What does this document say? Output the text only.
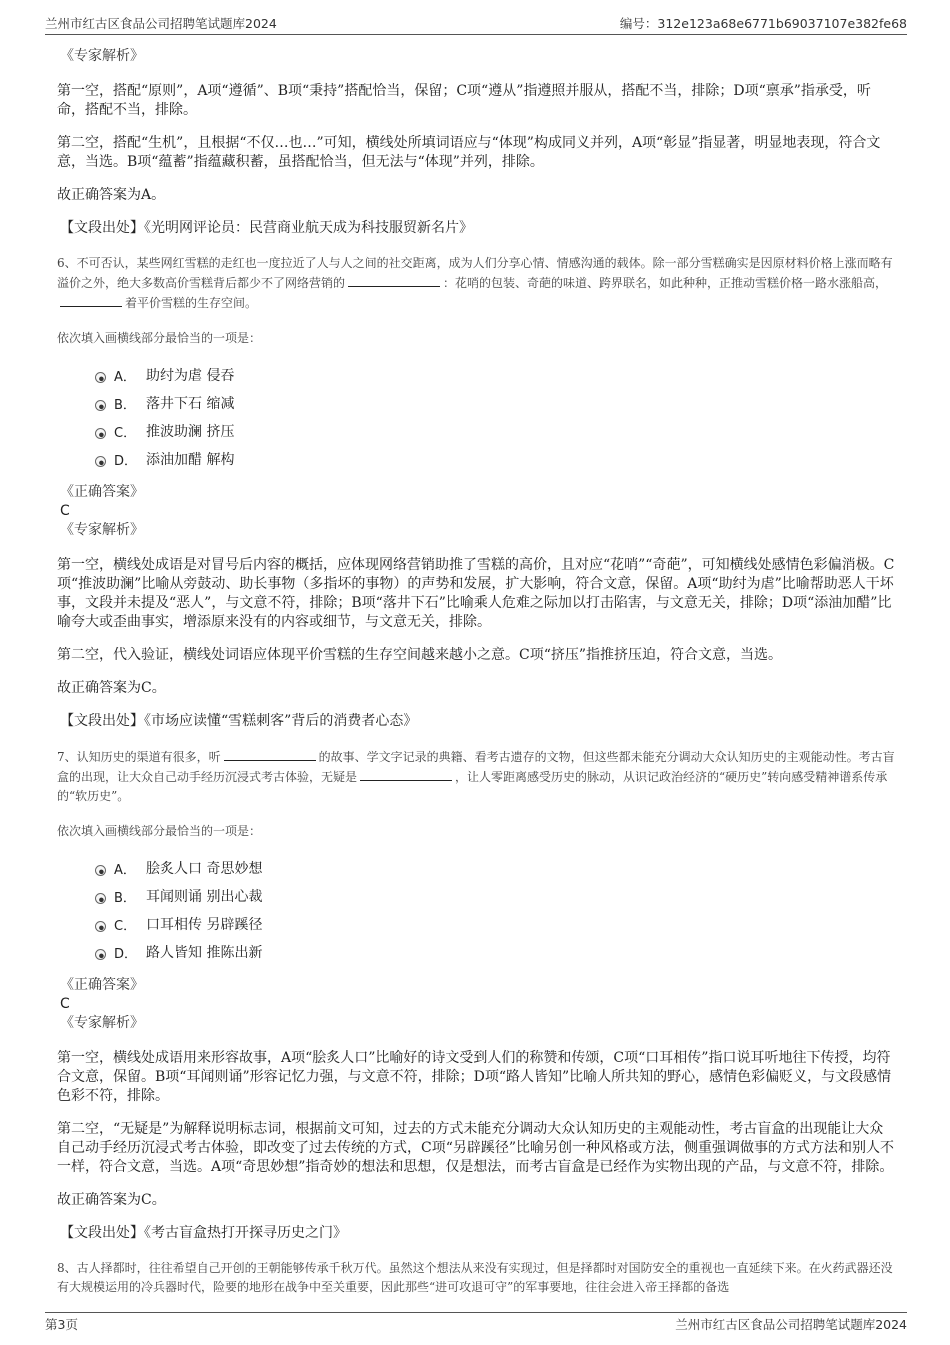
兰州市红古区食品公司招聘笔试题库2024	编号：312e123a68e6771b69037107e382fe68
《专家解析》

第一空，搭配“原则”，A项“遵循”、B项“秉持”搭配恰当，保留；C项“遵从”指遵照并服从，搭配不当，排除；D项“禀承”指承受，听命，搭配不当，排除。

第二空，搭配“生机”，且根据“不仅…也…”可知，横线处所填词语应与“体现”构成同义并列，A项“彰显”指显著，明显地表现，符合文意，当选。B项“蕴蓄”指蕴藏积蓄，虽搭配恰当，但无法与“体现”并列，排除。

故正确答案为A。

【文段出处】《光明网评论员：民营商业航天成为科技服贸新名片》
6、不可否认，某些网红雪糕的走红也一度拉近了人与人之间的社交距离，成为人们分享心情、情感沟通的载体。除一部分雪糕确实是因原材料价格上涨而略有溢价之外，绝大多数高价雪糕背后都少不了网络营销的	：花哨的包装、奇葩的味道、跨界联名，如此种种，正推动雪糕价格一路水涨船高，着平价雪糕的生存空间。
依次填入画横线部分最恰当的一项是：
A． 助纣为虐 侵吞
B． 落井下石 缩减
C． 推波助澜 挤压
D． 添油加醋 解构
《正确答案》
C
《专家解析》

第一空，横线处成语是对冒号后内容的概括，应体现网络营销助推了雪糕的高价，且对应“花哨”“奇葩”，可知横线处感情色彩偏消极。C项“推波助澜”比喻从旁鼓动、助长事物（多指坏的事物）的声势和发展，扩大影响，符合文意，保留。A项“助纣为虐”比喻帮助恶人干坏事，文段并未提及“恶人”，与文意不符，排除；B项“落井下石”比喻乘人危难之际加以打击陷害，与文意无关，排除；D项“添油加醋”比喻夸大或歪曲事实，增添原来没有的内容或细节，与文意无关，排除。

第二空，代入验证，横线处词语应体现平价雪糕的生存空间越来越小之意。C项“挤压”指推挤压迫，符合文意，当选。

故正确答案为C。

【文段出处】《市场应读懂“雪糕刺客”背后的消费者心态》
7、认知历史的渠道有很多，听	的故事、学文字记录的典籍、看考古遗存的文物，但这些都未能充分调动大众认知历史的主观能动性。考古盲盒的出现，让大众自己动手经历沉浸式考古体验，无疑是	，让人零距离感受历史的脉动，从识记政治经济的“硬历史”转向感受精神谱系传承的“软历史”。
依次填入画横线部分最恰当的一项是：
A． 脍炙人口 奇思妙想
B． 耳闻则诵 别出心裁
C． 口耳相传 另辟蹊径
D． 路人皆知 推陈出新
《正确答案》
C
《专家解析》

第一空，横线处成语用来形容故事，A项“脍炙人口”比喻好的诗文受到人们的称赞和传颂，C项“口耳相传”指口说耳听地往下传授，均符合文意，保留。B项“耳闻则诵”形容记忆力强，与文意不符，排除；D项“路人皆知”比喻人所共知的野心，感情色彩偏贬义，与文段感情色彩不符，排除。

第二空，“无疑是”为解释说明标志词，根据前文可知，过去的方式未能充分调动大众认知历史的主观能动性，考古盲盒的出现能让大众自己动手经历沉浸式考古体验，即改变了过去传统的方式，C项“另辟蹊径”比喻另创一种风格或方法，侧重强调做事的方式方法和别人不一样，符合文意，当选。A项“奇思妙想”指奇妙的想法和思想，仅是想法，而考古盲盒是已经作为实物出现的产品，与文意不符，排除。

故正确答案为C。

【文段出处】《考古盲盒热打开探寻历史之门》
8、古人择都时，往往希望自己开创的王朝能够传承千秋万代。虽然这个想法从来没有实现过，但是择都时对国防安全的重视也一直延续下来。在火药武器还没有大规模运用的冷兵器时代，险要的地形在战争中至关重要，因此那些“进可攻退可守”的军事要地，往往会进入帝王择都的备选
第3页	兰州市红古区食品公司招聘笔试题库2024
